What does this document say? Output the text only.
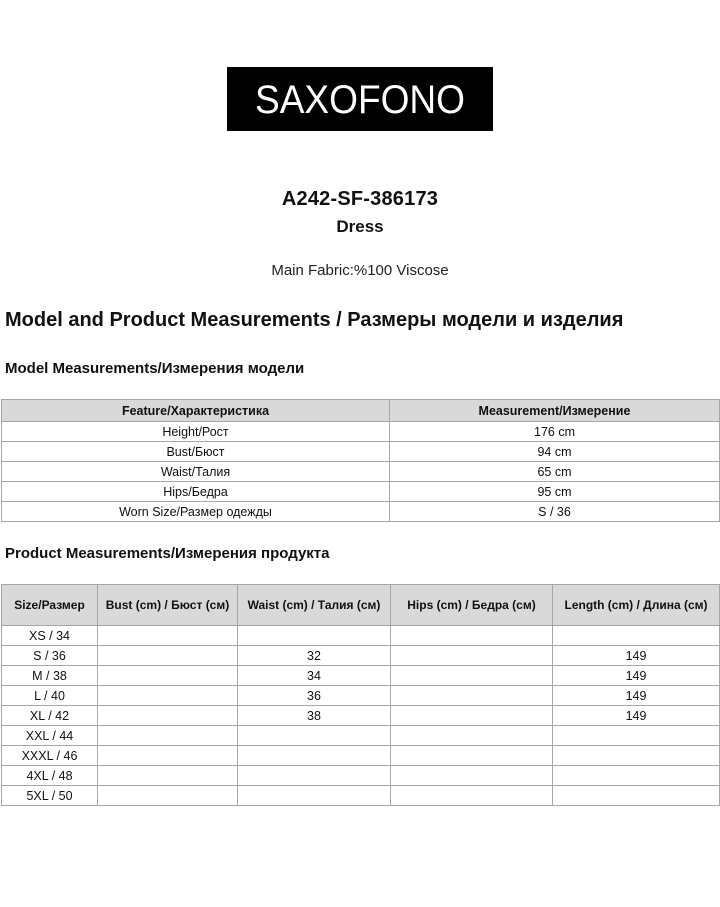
SAXOFONO
A242-SF-386173
Dress
Main Fabric:%100 Viscose
Model and Product Measurements / Размеры модели и изделия
Model Measurements/Измерения модели
Feature/Характеристика	Measurement/Измерение
Height/Рост	176 cm
Bust/Бюст	94 cm
Waist/Талия	65 cm
Hips/Бедра	95 cm
Worn Size/Размер одежды	S / 36
Product Measurements/Измерения продукта
Size/Размер	Bust (cm) / Бюст (см)	Waist (cm) / Талия (см)	Hips (cm) / Бедра (см)	Length (cm) / Длина (см)
XS / 34				
S / 36		32		149
M / 38		34		149
L / 40		36		149
XL / 42		38		149
XXL / 44				
XXXL / 46				
4XL / 48				
5XL / 50				
